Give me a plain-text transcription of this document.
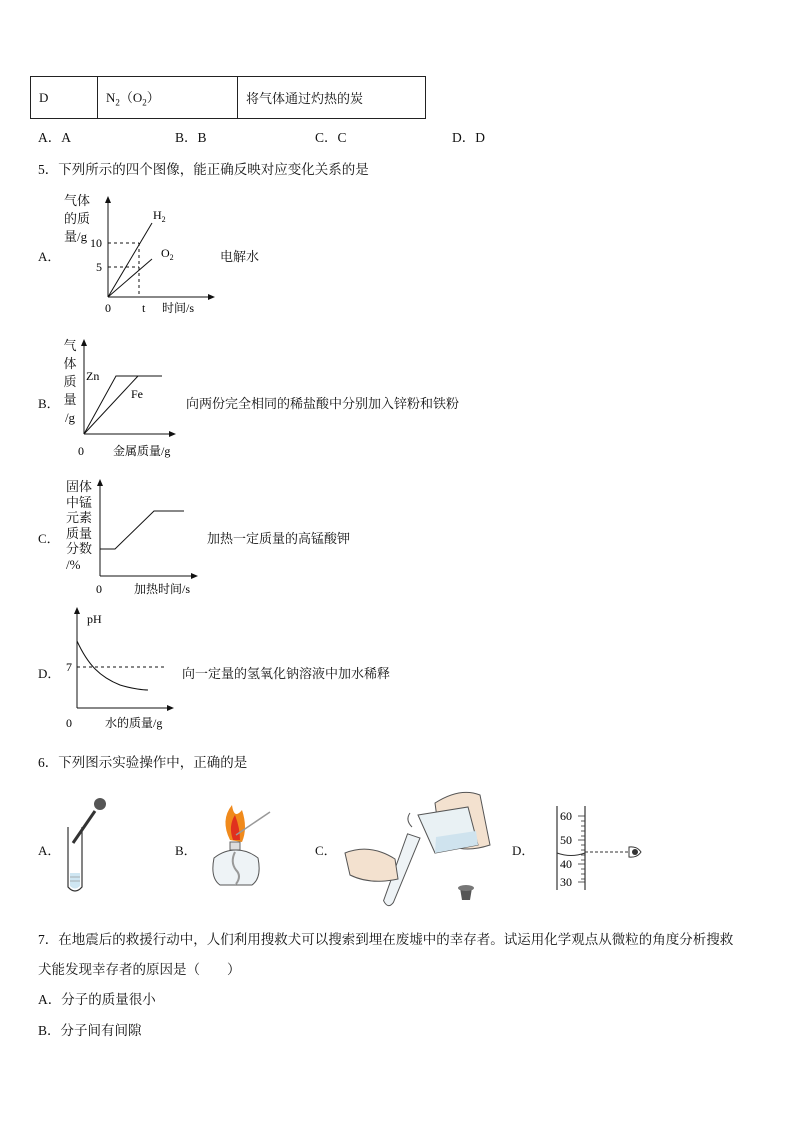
D	$N_2(O_2)$	将气体通过灼热的炭
A．A	B．B	C．C	D．D
5．下列所示的四个图像，能正确反映对应变化关系的是
A．
气体
的质
量/g 10
5
0	t 时间/s
$H_2$
$O_2$	电解水
B．
气
体
质
量
/g
Zn
Fe
0 金属质量/g
向两份完全相同的稀盐酸中分别加入锌粉和铁粉
C．
固体
中锰
元素
质量
分数
/%
0	加热时间/s
加热一定质量的高锰酸钾
D．
pH
7
0	水的质量/g
向一定量的氢氧化钠溶液中加水稀释
6．下列图示实验操作中，正确的是
A．	B．	C．	D．
60
50
40
30
7．在地震后的救援行动中，人们利用搜救犬可以搜索到埋在废墟中的幸存者。试运用化学观点从微粒的角度分析搜救
犬能发现幸存者的原因是（　　）
A．分子的质量很小
B．分子间有间隙
